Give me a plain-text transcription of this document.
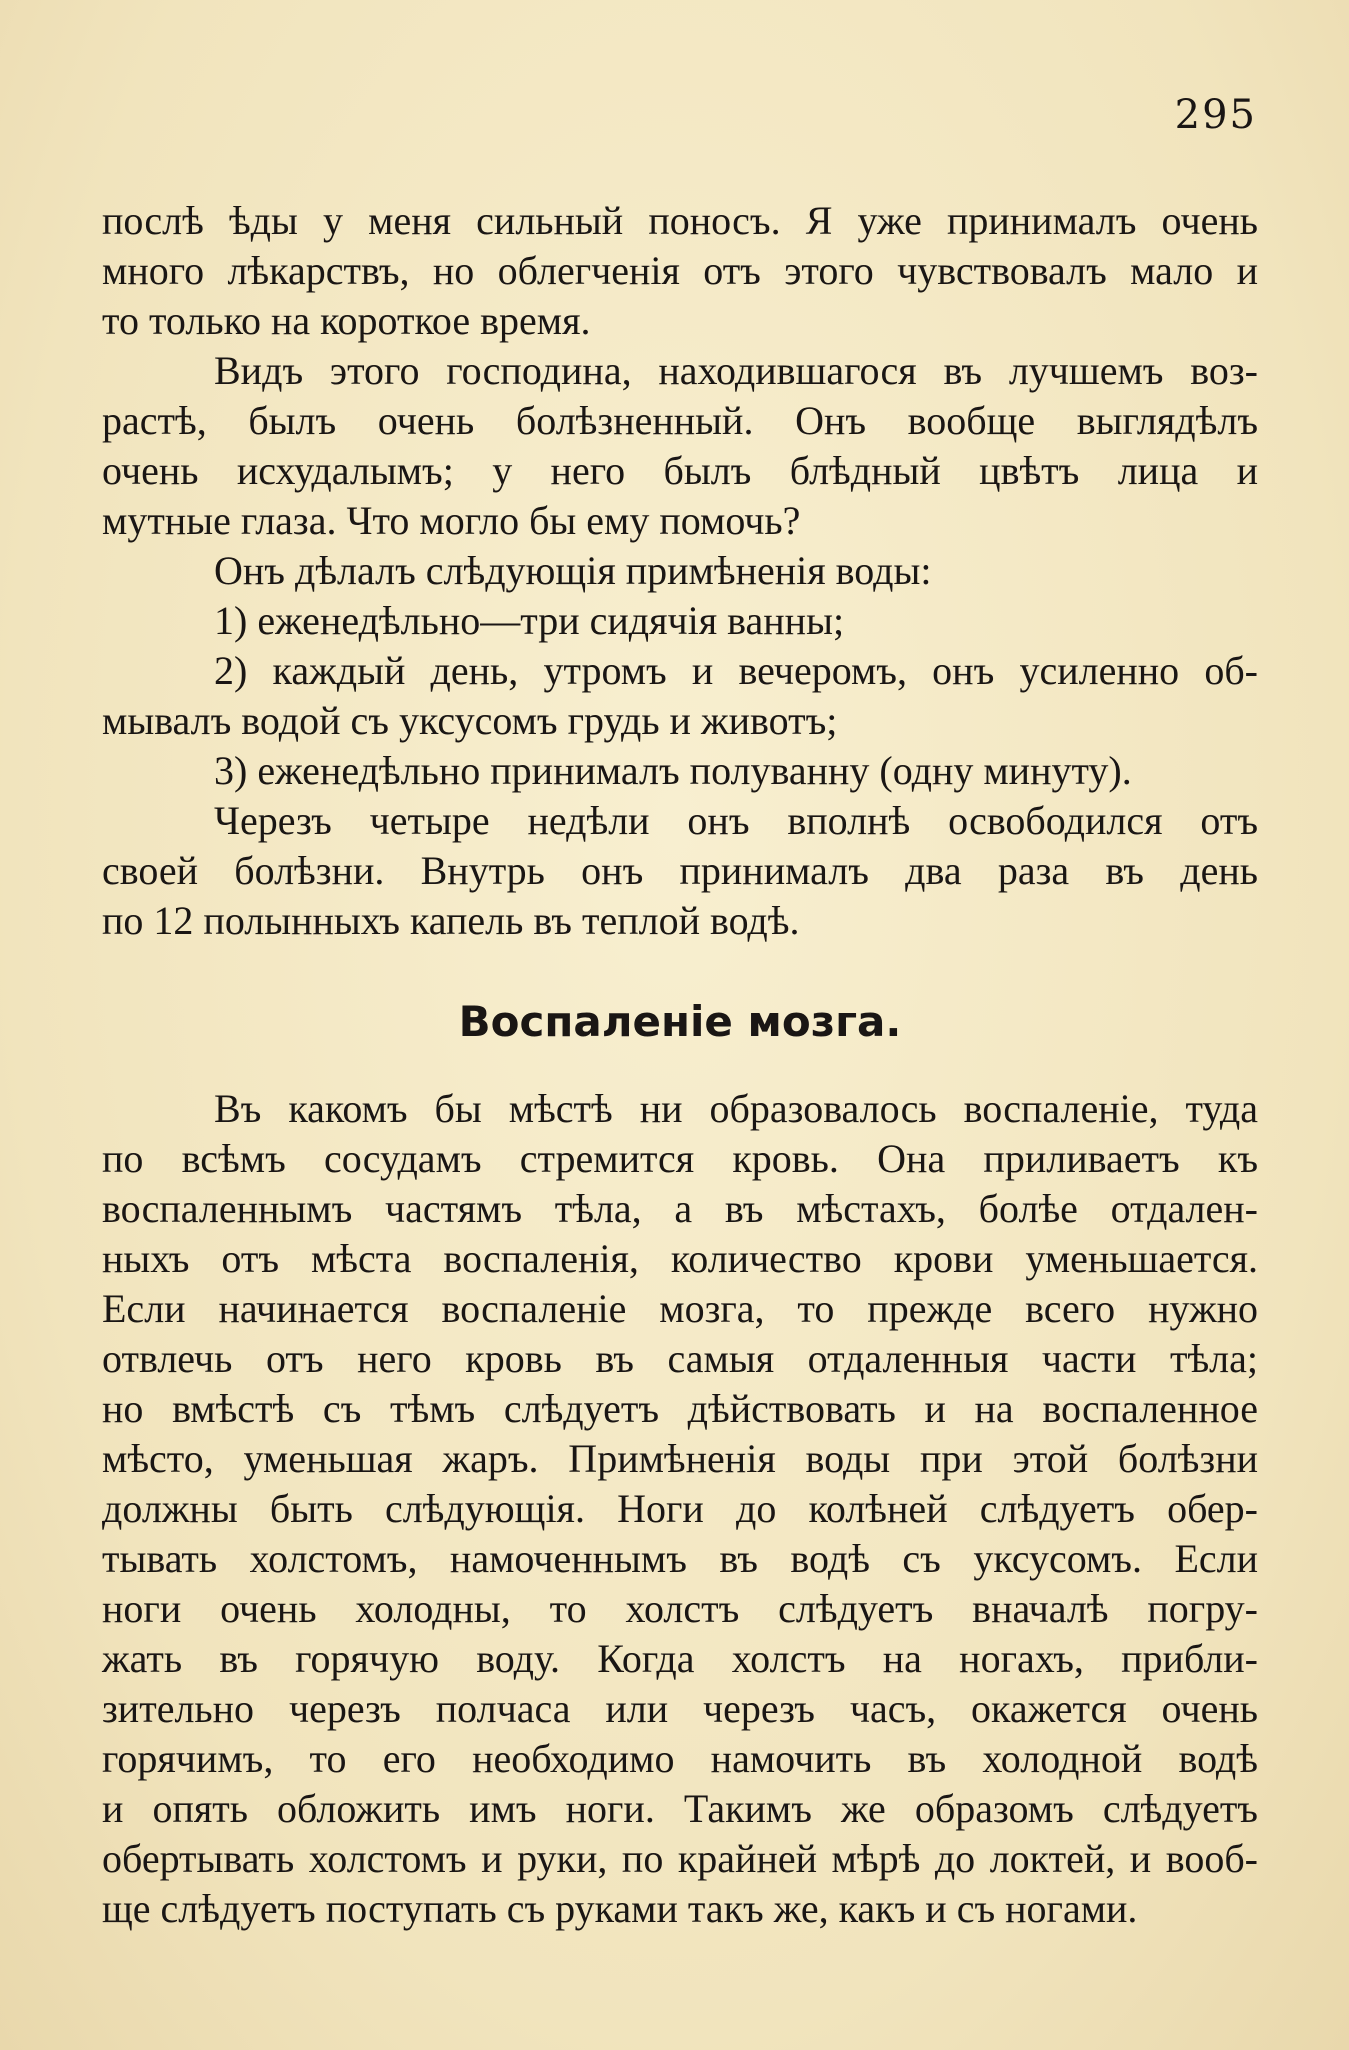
295
послѣ ѣды у меня сильный поносъ. Я уже принималъ очень
много лѣкарствъ, но облегченія отъ этого чувствовалъ мало и
то только на короткое время.
Видъ этого господина, находившагося въ лучшемъ воз-
растѣ, былъ очень болѣзненный. Онъ вообще выглядѣлъ
очень исхудалымъ; у него былъ блѣдный цвѣтъ лица и
мутные глаза. Что могло бы ему помочь?
Онъ дѣлалъ слѣдующія примѣненія воды:
1) еженедѣльно—три сидячія ванны;
2) каждый день, утромъ и вечеромъ, онъ усиленно об-
мывалъ водой съ уксусомъ грудь и животъ;
3) еженедѣльно принималъ полуванну (одну минуту).
Черезъ четыре недѣли онъ вполнѣ освободился отъ
своей болѣзни. Внутрь онъ принималъ два раза въ день
по 12 полынныхъ капель въ теплой водѣ.
Воспаленіе мозга.
Въ какомъ бы мѣстѣ ни образовалось воспаленіе, туда
по всѣмъ сосудамъ стремится кровь. Она приливаетъ къ
воспаленнымъ частямъ тѣла, а въ мѣстахъ, болѣе отдален-
ныхъ отъ мѣста воспаленія, количество крови уменьшается.
Если начинается воспаленіе мозга, то прежде всего нужно
отвлечь отъ него кровь въ самыя отдаленныя части тѣла;
но вмѣстѣ съ тѣмъ слѣдуетъ дѣйствовать и на воспаленное
мѣсто, уменьшая жаръ. Примѣненія воды при этой болѣзни
должны быть слѣдующія. Ноги до колѣней слѣдуетъ обер-
тывать холстомъ, намоченнымъ въ водѣ съ уксусомъ. Если
ноги очень холодны, то холстъ слѣдуетъ вначалѣ погру-
жать въ горячую воду. Когда холстъ на ногахъ, прибли-
зительно черезъ полчаса или черезъ часъ, окажется очень
горячимъ, то его необходимо намочить въ холодной водѣ
и опять обложить имъ ноги. Такимъ же образомъ слѣдуетъ
обертывать холстомъ и руки, по крайней мѣрѣ до локтей, и вооб-
ще слѣдуетъ поступать съ руками такъ же, какъ и съ ногами.
